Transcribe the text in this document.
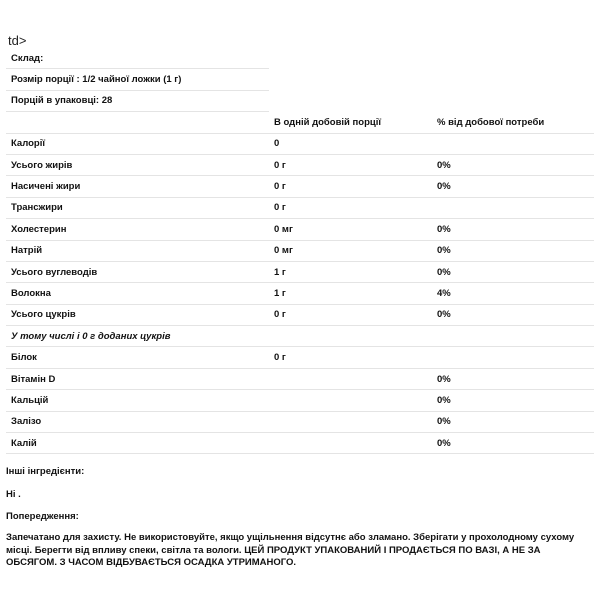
td>
Склад:		
Розмір порції : 1/2 чайної ложки (1 г)		
Порцій в упаковці: 28		
	В одній добовій порції	% від добової потреби
Калорії	0	
Усього жирів	0 г	0%
Насичені жири	0 г	0%
Трансжири	0 г	
Холестерин	0 мг	0%
Натрій	0 мг	0%
Усього вуглеводів	1 г	0%
Волокна	1 г	4%
Усього цукрів	0 г	0%
У тому числі і 0 г доданих цукрів		
Білок	0 г	
Вітамін D		0%
Кальцій		0%
Залізо		0%
Калій		0%
Інші інгредієнти:
Ні .
Попередження:
Запечатано для захисту. Не використовуйте, якщо ущільнення відсутнє або зламано. Зберігати у прохолодному сухому місці. Берегти від впливу спеки, світла та вологи. ЦЕЙ ПРОДУКТ УПАКОВАНИЙ І ПРОДАЄТЬСЯ ПО ВАЗІ, А НЕ ЗА ОБСЯГОМ. З ЧАСОМ ВІДБУВАЄТЬСЯ ОСАДКА УТРИМАНОГО.
